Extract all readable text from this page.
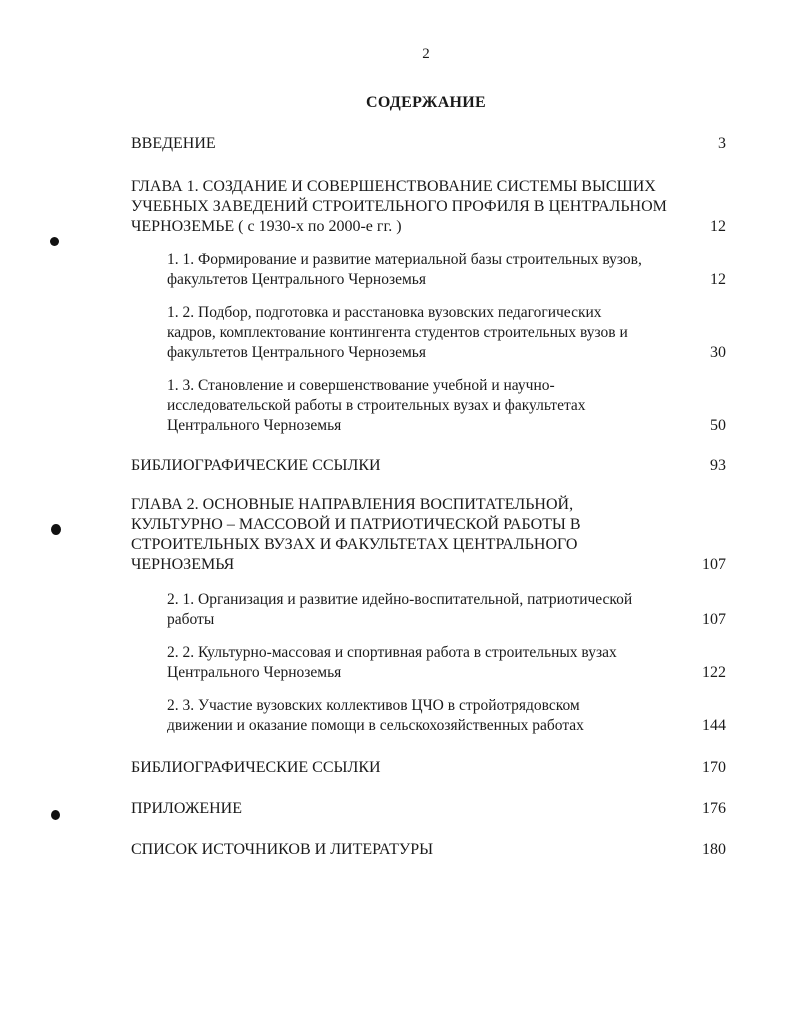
2
СОДЕРЖАНИЕ
ВВЕДЕНИЕ	3
ГЛАВА 1. СОЗДАНИЕ И СОВЕРШЕНСТВОВАНИЕ СИСТЕМЫ ВЫСШИХ
УЧЕБНЫХ ЗАВЕДЕНИЙ СТРОИТЕЛЬНОГО ПРОФИЛЯ В ЦЕНТРАЛЬНОМ
ЧЕРНОЗЕМЬЕ ( с 1930-х по 2000-е гг. )	12
1. 1. Формирование и развитие материальной базы строительных вузов,
факультетов Центрального Черноземья	12
1. 2. Подбор, подготовка и расстановка вузовских педагогических
кадров, комплектование контингента студентов строительных вузов и
факультетов Центрального Черноземья	30
1. 3. Становление и совершенствование учебной и научно-
исследовательской работы в строительных вузах и факультетах
Центрального Черноземья	50
БИБЛИОГРАФИЧЕСКИЕ ССЫЛКИ	93
ГЛАВА 2. ОСНОВНЫЕ НАПРАВЛЕНИЯ ВОСПИТАТЕЛЬНОЙ,
КУЛЬТУРНО – МАССОВОЙ И ПАТРИОТИЧЕСКОЙ РАБОТЫ В
СТРОИТЕЛЬНЫХ ВУЗАХ И ФАКУЛЬТЕТАХ ЦЕНТРАЛЬНОГО
ЧЕРНОЗЕМЬЯ	107
2. 1. Организация и развитие идейно-воспитательной, патриотической
работы	107
2. 2. Культурно-массовая и спортивная работа в строительных вузах
Центрального Черноземья	122
2. 3. Участие вузовских коллективов ЦЧО в стройотрядовском
движении и оказание помощи в сельскохозяйственных работах	144
БИБЛИОГРАФИЧЕСКИЕ ССЫЛКИ	170
ПРИЛОЖЕНИЕ	176
СПИСОК ИСТОЧНИКОВ И ЛИТЕРАТУРЫ	180
